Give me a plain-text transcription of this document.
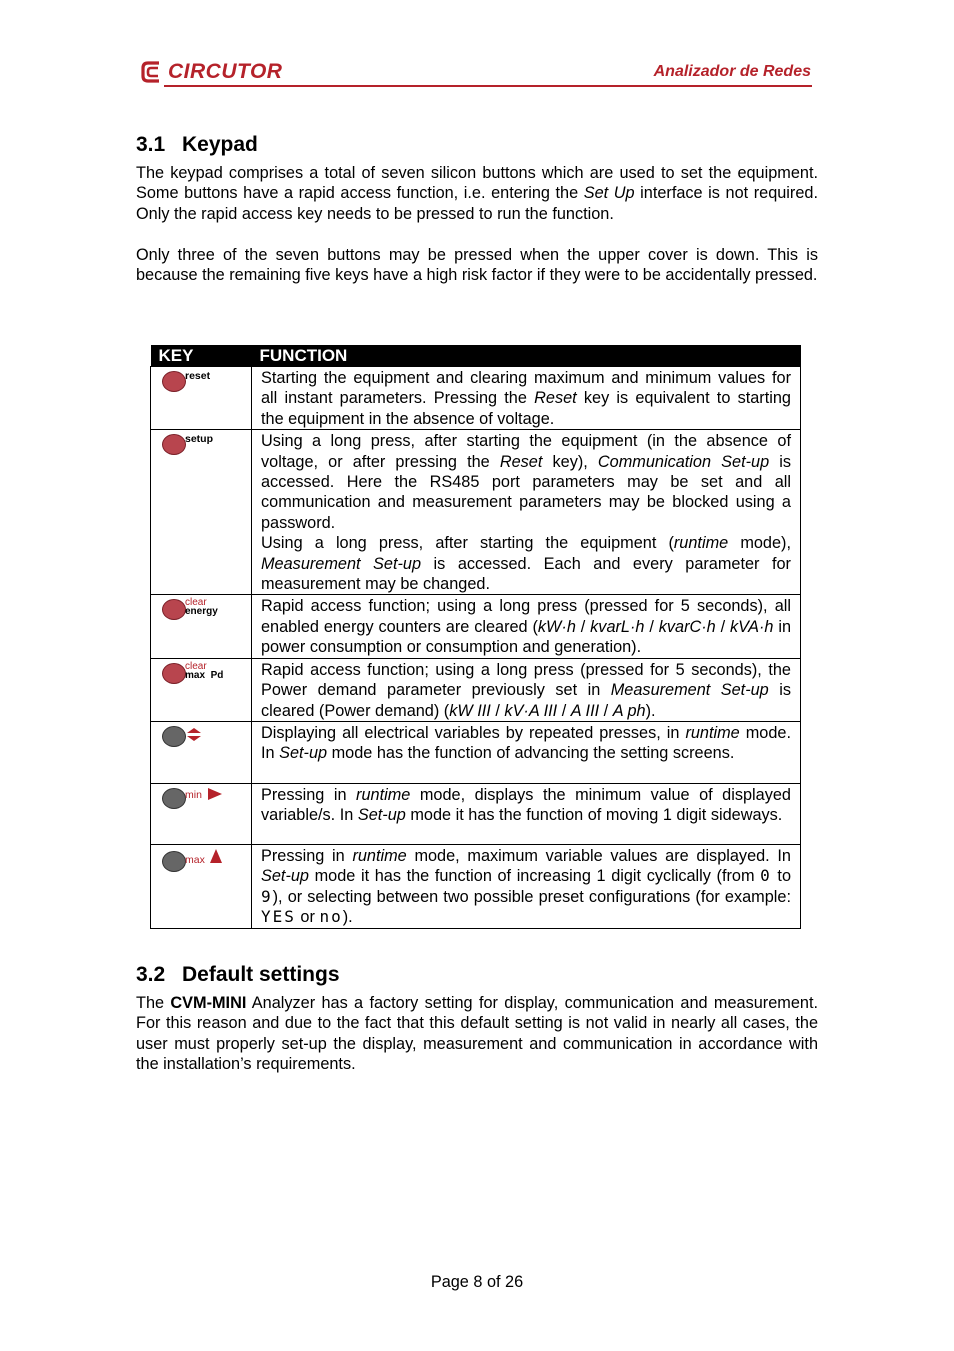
CIRCUTOR	Analizador de Redes
3.1 Keypad

The keypad comprises a total of seven silicon buttons which are used to set the equipment. Some buttons have a rapid access function, i.e. entering the Set Up interface is not required. Only the rapid access key needs to be pressed to run the function.

Only three of the seven buttons may be pressed when the upper cover is down. This is because the remaining five keys have a high risk factor if they were to be accidentally pressed.

KEY	FUNCTION

reset	Starting the equipment and clearing maximum and minimum values for all instant parameters. Pressing the Reset key is equivalent to starting the equipment in the absence of voltage.

setup	Using a long press, after starting the equipment (in the absence of voltage, or after pressing the Reset key), Communication Set-up is accessed. Here the RS485 port parameters may be set and all communication and measurement parameters may be blocked using a password.
Using a long press, after starting the equipment (runtime mode), Measurement Set-up is accessed. Each and every parameter for measurement may be changed.

clear
energy	Rapid access function; using a long press (pressed for 5 seconds), all enabled energy counters are cleared (kW·h / kvarL·h / kvarC·h / kVA·h in power consumption or consumption and generation).

clear
max  Pd	Rapid access function; using a long press (pressed for 5 seconds), the Power demand parameter previously set in Measurement Set-up is cleared (Power demand) (kW III / kV·A III / A III / A ph).

	Displaying all electrical variables by repeated presses, in runtime mode. In Set-up mode has the function of advancing the setting screens.

min	Pressing in runtime mode, displays the minimum value of displayed variable/s. In Set-up mode it has the function of moving 1 digit sideways.

max	Pressing in runtime mode, maximum variable values are displayed. In Set-up mode it has the function of increasing 1 digit cyclically (from 0 to 9), or selecting between two possible preset configurations (for example: YES or no).
3.2 Default settings

The CVM-MINI Analyzer has a factory setting for display, communication and measurement. For this reason and due to the fact that this default setting is not valid in nearly all cases, the user must properly set-up the display, measurement and communication in accordance with the installation’s requirements.

Page 8 of 26
